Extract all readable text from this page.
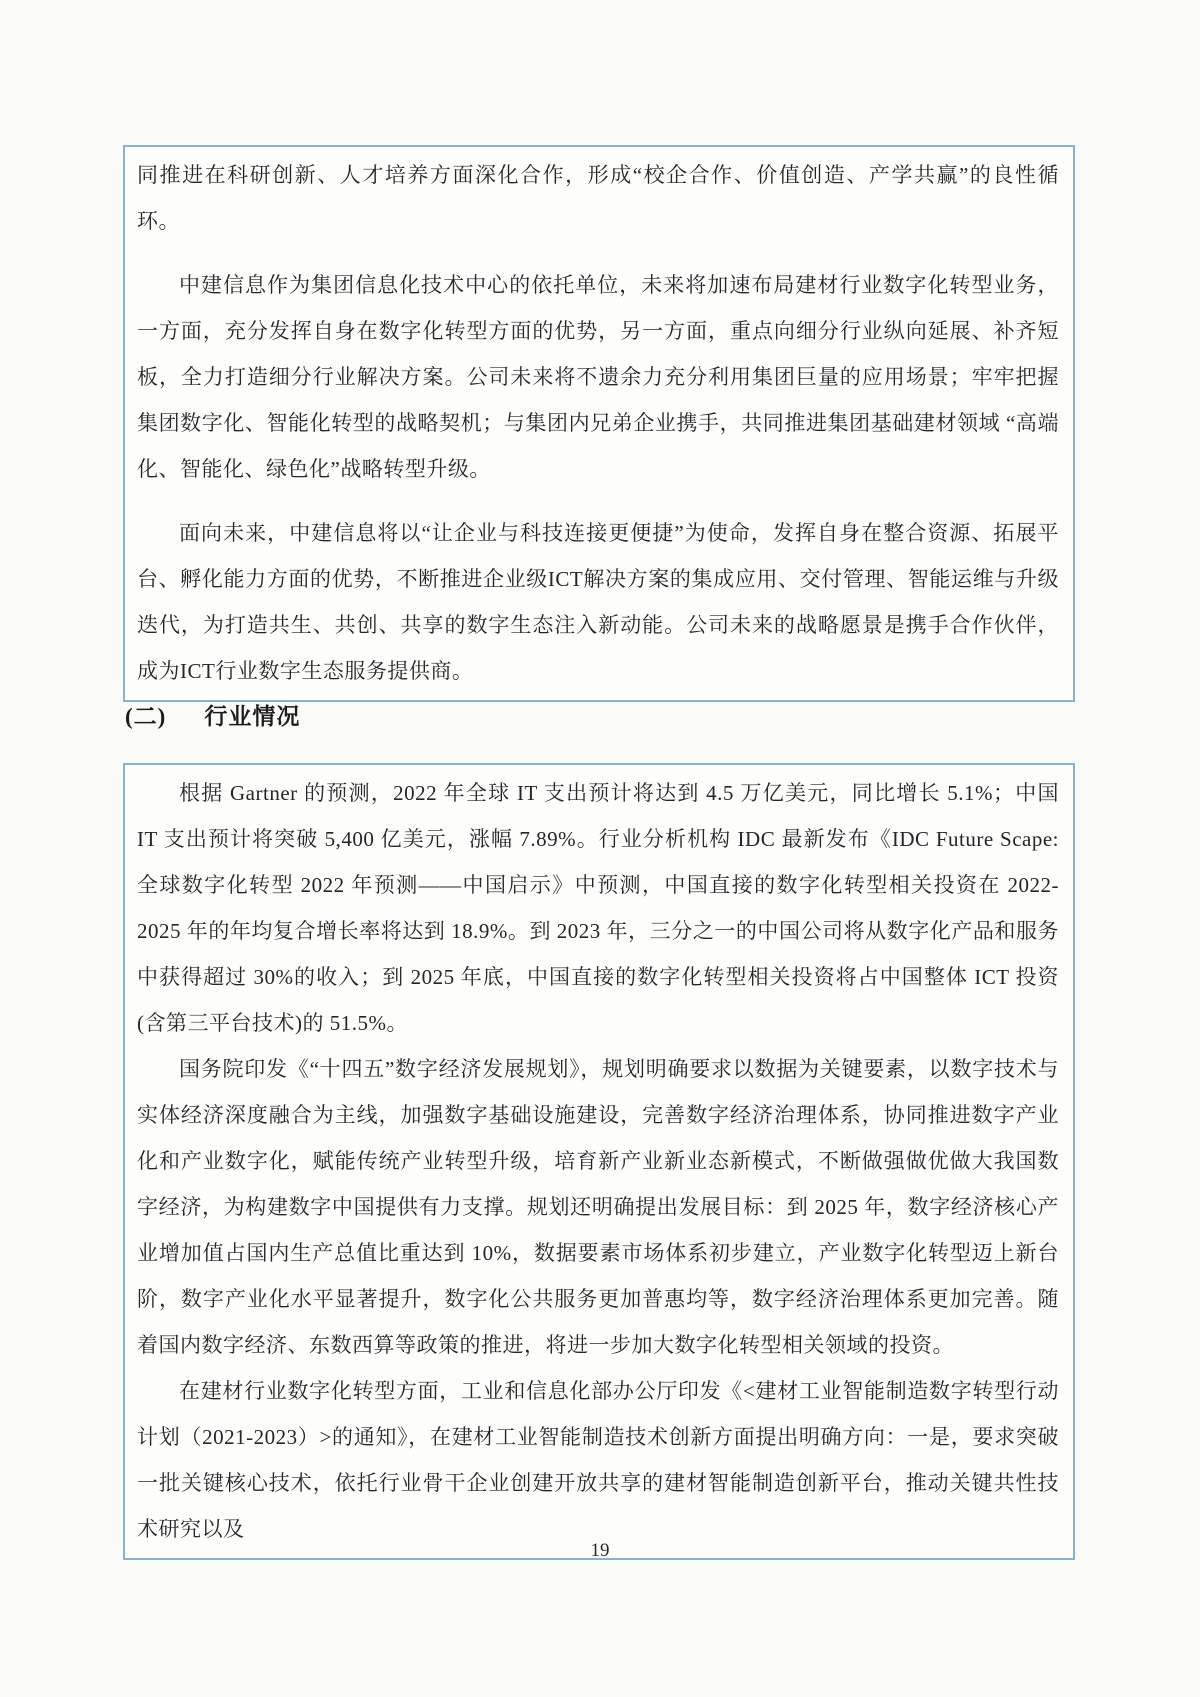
同推进在科研创新、人才培养方面深化合作，形成“校企合作、价值创造、产学共赢”的良性循环。

中建信息作为集团信息化技术中心的依托单位，未来将加速布局建材行业数字化转型业务，一方面，充分发挥自身在数字化转型方面的优势，另一方面，重点向细分行业纵向延展、补齐短板，全力打造细分行业解决方案。公司未来将不遗余力充分利用集团巨量的应用场景；牢牢把握集团数字化、智能化转型的战略契机；与集团内兄弟企业携手，共同推进集团基础建材领域 “高端化、智能化、绿色化”战略转型升级。

面向未来，中建信息将以“让企业与科技连接更便捷”为使命，发挥自身在整合资源、拓展平台、孵化能力方面的优势，不断推进企业级ICT解决方案的集成应用、交付管理、智能运维与升级迭代，为打造共生、共创、共享的数字生态注入新动能。公司未来的战略愿景是携手合作伙伴，成为ICT行业数字生态服务提供商。

(二) 行业情况

根据 Gartner 的预测，2022 年全球 IT 支出预计将达到 4.5 万亿美元，同比增长 5.1%；中国 IT 支出预计将突破 5,400 亿美元，涨幅 7.89%。行业分析机构 IDC 最新发布《IDC Future Scape: 全球数字化转型 2022 年预测——中国启示》中预测，中国直接的数字化转型相关投资在 2022-2025 年的年均复合增长率将达到 18.9%。到 2023 年，三分之一的中国公司将从数字化产品和服务中获得超过 30%的收入；到 2025 年底，中国直接的数字化转型相关投资将占中国整体 ICT 投资(含第三平台技术)的 51.5%。

国务院印发《“十四五”数字经济发展规划》，规划明确要求以数据为关键要素，以数字技术与实体经济深度融合为主线，加强数字基础设施建设，完善数字经济治理体系，协同推进数字产业化和产业数字化，赋能传统产业转型升级，培育新产业新业态新模式，不断做强做优做大我国数字经济，为构建数字中国提供有力支撑。规划还明确提出发展目标：到 2025 年，数字经济核心产业增加值占国内生产总值比重达到 10%，数据要素市场体系初步建立，产业数字化转型迈上新台阶，数字产业化水平显著提升，数字化公共服务更加普惠均等，数字经济治理体系更加完善。随着国内数字经济、东数西算等政策的推进，将进一步加大数字化转型相关领域的投资。

在建材行业数字化转型方面，工业和信息化部办公厅印发《<建材工业智能制造数字转型行动计划（2021-2023）>的通知》，在建材工业智能制造技术创新方面提出明确方向：一是，要求突破一批关键核心技术，依托行业骨干企业创建开放共享的建材智能制造创新平台，推动关键共性技术研究以及

19
